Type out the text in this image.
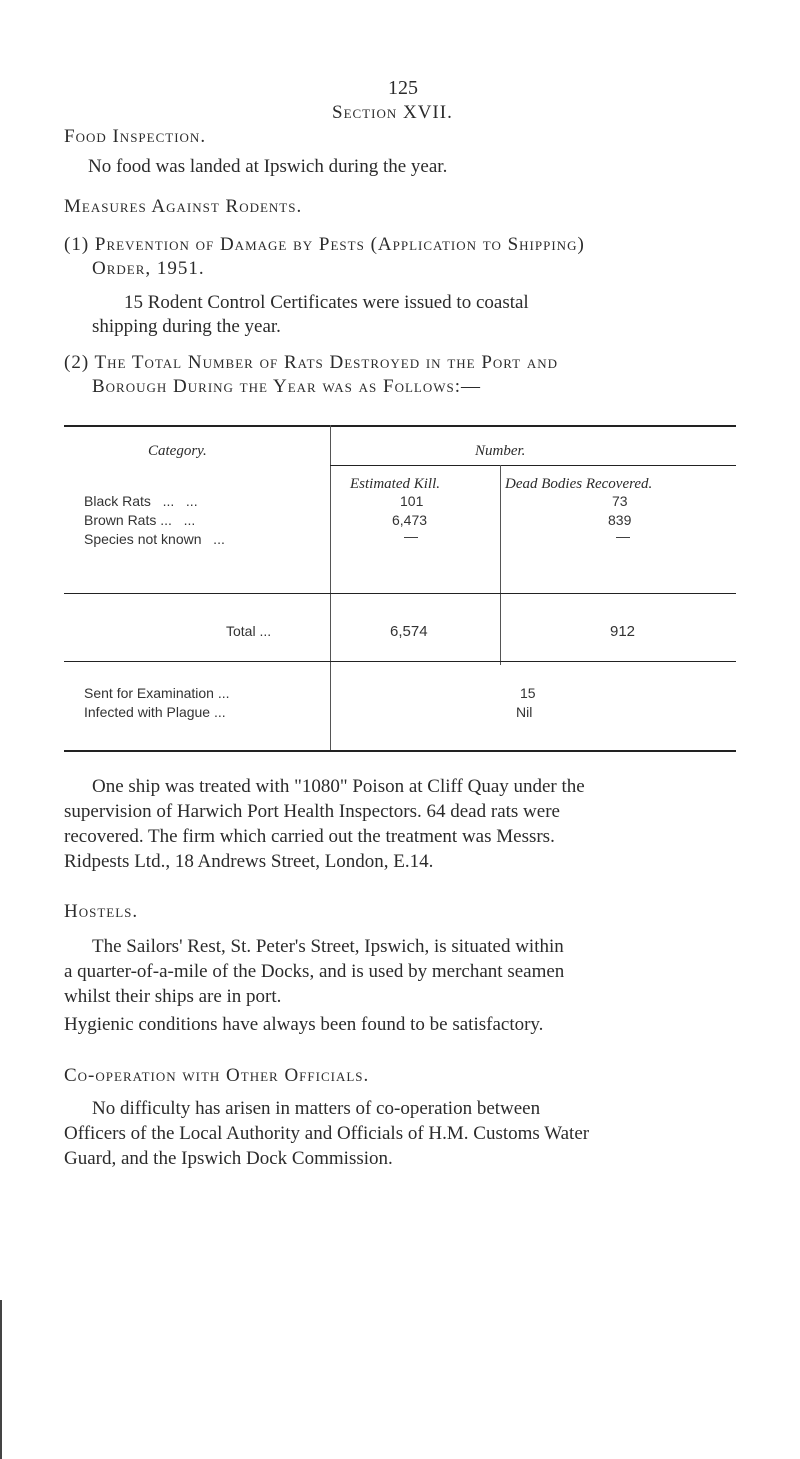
125
Section XVII.
Food Inspection.
No food was landed at Ipswich during the year.
Measures Against Rodents.
(1) Prevention of Damage by Pests (Application to Shipping)
Order, 1951.
15 Rodent Control Certificates were issued to coastal
shipping during the year.
(2) The Total Number of Rats Destroyed in the Port and
Borough During the Year was as Follows:—
Category.	Number.
Estimated Kill.	Dead Bodies Recovered.
Black Rats   ...   ...	101	73
Brown Rats ...   ...	6,473	839
Species not known   ...	—	—
Total ...	6,574	912
Sent for Examination ...	15
Infected with Plague ...	Nil
One ship was treated with "1080" Poison at Cliff Quay under the
supervision of Harwich Port Health Inspectors. 64 dead rats were
recovered. The firm which carried out the treatment was Messrs.
Ridpests Ltd., 18 Andrews Street, London, E.14.
Hostels.
The Sailors' Rest, St. Peter's Street, Ipswich, is situated within
a quarter-of-a-mile of the Docks, and is used by merchant seamen
whilst their ships are in port.
Hygienic conditions have always been found to be satisfactory.
Co-operation with Other Officials.
No difficulty has arisen in matters of co-operation between
Officers of the Local Authority and Officials of H.M. Customs Water
Guard, and the Ipswich Dock Commission.
